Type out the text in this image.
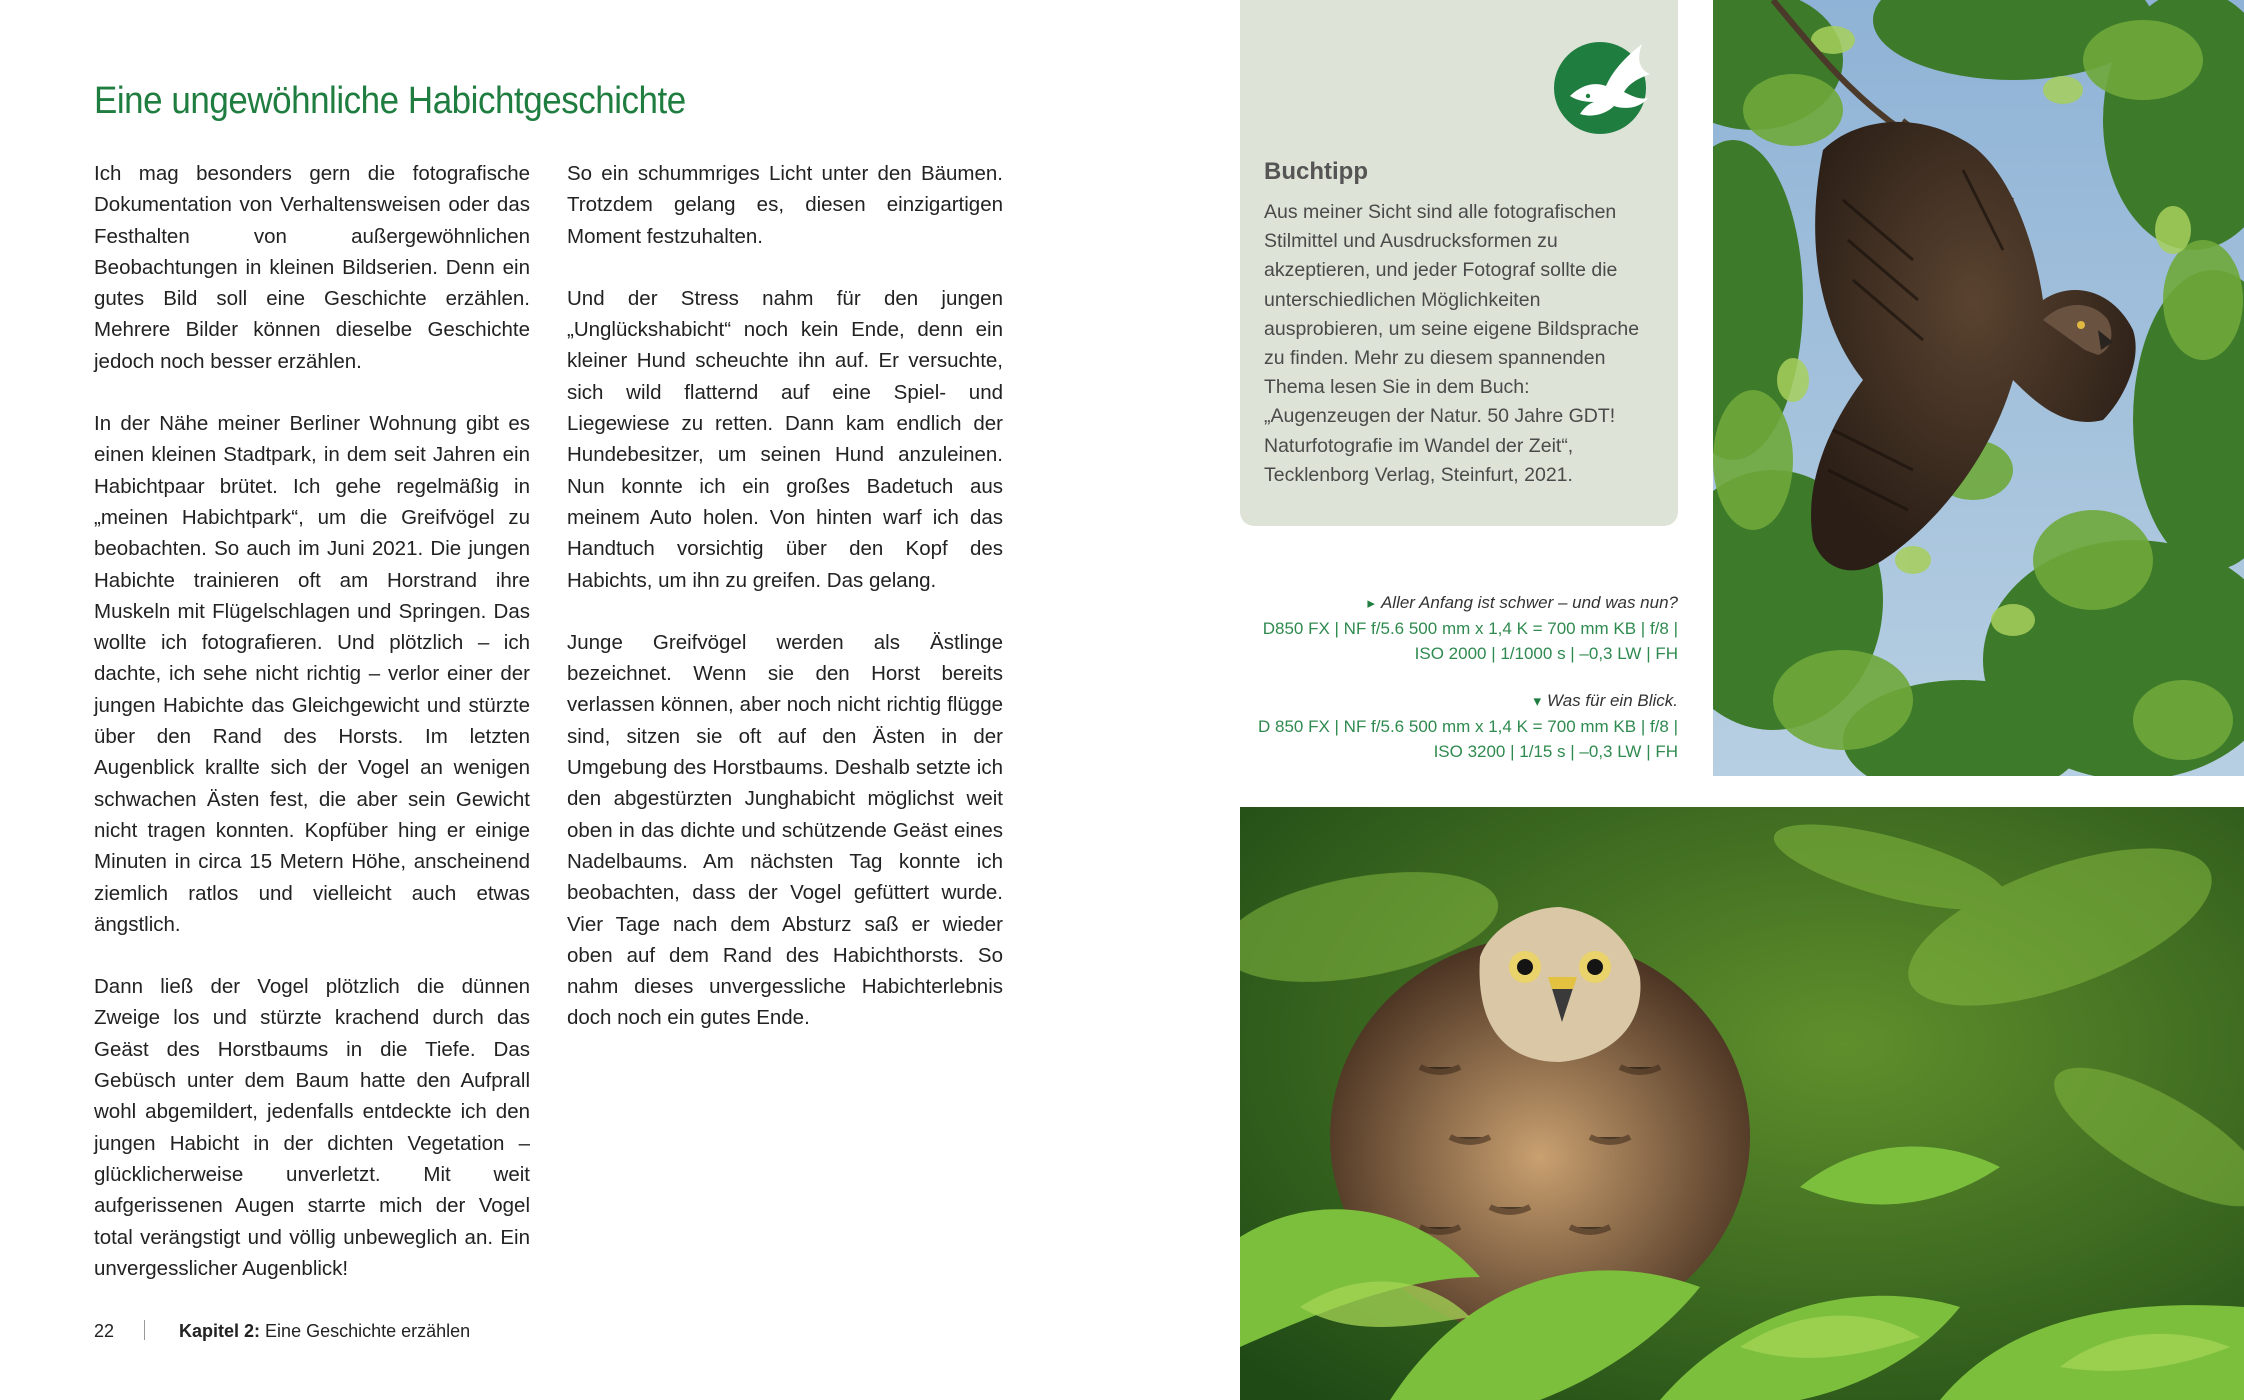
Eine ungewöhnliche Habichtgeschichte

Ich mag besonders gern die fotografische Dokumentation von Verhaltensweisen oder das Festhalten von außergewöhnlichen Beobachtungen in kleinen Bildserien. Denn ein gutes Bild soll eine Geschichte erzählen. Mehrere Bilder können dieselbe Geschichte jedoch noch besser erzählen.

In der Nähe meiner Berliner Wohnung gibt es einen kleinen Stadtpark, in dem seit Jahren ein Habichtpaar brütet. Ich gehe regelmäßig in „meinen Habichtpark“, um die Greifvögel zu beobachten. So auch im Juni 2021. Die jungen Habichte trainieren oft am Horstrand ihre Muskeln mit Flügelschlagen und Springen. Das wollte ich fotografieren. Und plötzlich – ich dachte, ich sehe nicht richtig – verlor einer der jungen Habichte das Gleichgewicht und stürzte über den Rand des Horsts. Im letzten Augenblick krallte sich der Vogel an wenigen schwachen Ästen fest, die aber sein Gewicht nicht tragen konnten. Kopfüber hing er einige Minuten in circa 15 Metern Höhe, anscheinend ziemlich ratlos und vielleicht auch etwas ängstlich.

Dann ließ der Vogel plötzlich die dünnen Zweige los und stürzte krachend durch das Geäst des Horstbaums in die Tiefe. Das Gebüsch unter dem Baum hatte den Aufprall wohl abgemildert, jedenfalls entdeckte ich den jungen Habicht in der dichten Vegetation – glücklicherweise unverletzt. Mit weit aufgerissenen Augen starrte mich der Vogel total verängstigt und völlig unbeweglich an. Ein unvergesslicher Augenblick!

So ein schummriges Licht unter den Bäumen. Trotzdem gelang es, diesen einzigartigen Moment festzuhalten.

Und der Stress nahm für den jungen „Unglückshabicht“ noch kein Ende, denn ein kleiner Hund scheuchte ihn auf. Er versuchte, sich wild flatternd auf eine Spiel- und Liegewiese zu retten. Dann kam endlich der Hundebesitzer, um seinen Hund anzuleinen. Nun konnte ich ein großes Badetuch aus meinem Auto holen. Von hinten warf ich das Handtuch vorsichtig über den Kopf des Habichts, um ihn zu greifen. Das gelang.

Junge Greifvögel werden als Ästlinge bezeichnet. Wenn sie den Horst bereits verlassen können, aber noch nicht richtig flügge sind, sitzen sie oft auf den Ästen in der Umgebung des Horstbaums. Deshalb setzte ich den abgestürzten Junghabicht möglichst weit oben in das dichte und schützende Geäst eines Nadelbaums. Am nächsten Tag konnte ich beobachten, dass der Vogel gefüttert wurde. Vier Tage nach dem Absturz saß er wieder oben auf dem Rand des Habichthorsts. So nahm dieses unvergessliche Habichterlebnis doch noch ein gutes Ende.

22	Kapitel 2: Eine Geschichte erzählen
Buchtipp

Aus meiner Sicht sind alle fotografischen Stilmittel und Ausdrucksformen zu akzeptieren, und jeder Fotograf sollte die unterschiedlichen Möglichkeiten ausprobieren, um seine eigene Bildsprache zu finden. Mehr zu diesem spannenden Thema lesen Sie in dem Buch: „Augenzeugen der Natur. 50 Jahre GDT! Naturfotografie im Wandel der Zeit“, Tecklenborg Verlag, Steinfurt, 2021.

▸ Aller Anfang ist schwer – und was nun?
D850 FX | NF f/5.6 500 mm x 1,4 K = 700 mm KB | f/8 |
ISO 2000 | 1/1000 s | –0,3 LW | FH
▾ Was für ein Blick.
D 850 FX | NF f/5.6 500 mm x 1,4 K = 700 mm KB | f/8 |
ISO 3200 | 1/15 s | –0,3 LW | FH
